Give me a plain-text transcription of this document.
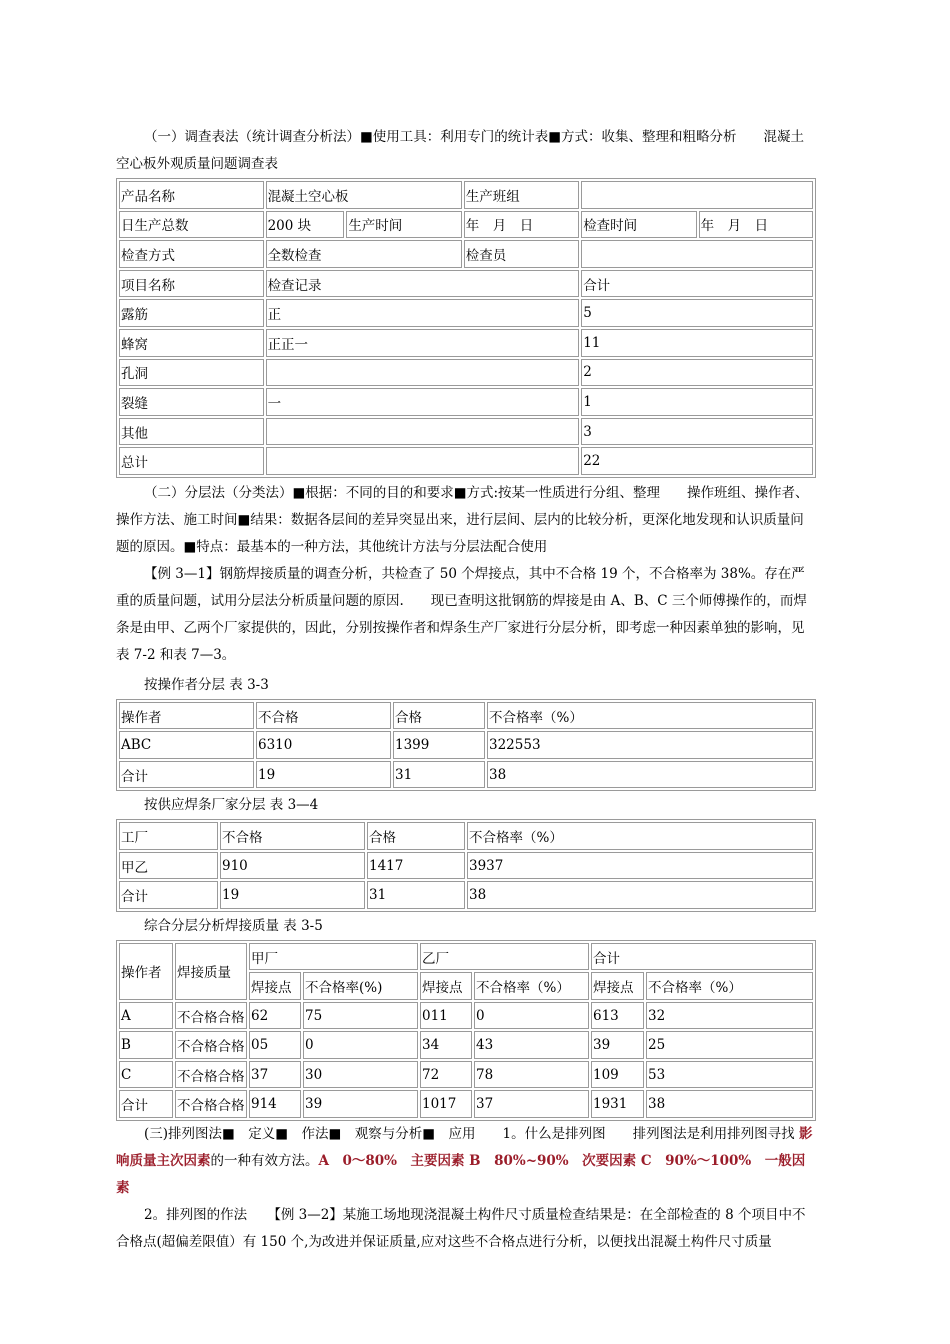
（一）调查表法（统计调查分析法）■使用工具：利用专门的统计表■方式：收集、整理和粗略分析　　混凝土空心板外观质量问题调查表

产品名称	混凝土空心板		生产班组		
日生产总数	200 块	生产时间	年　月　日	检查时间	年　月　日
检查方式	全数检查		检查员		
项目名称	检查记录			合计	
露筋	正			5	
蜂窝	正正一			11	
孔洞				2	
裂缝	一			1	
其他				3	
总计				22	

（二）分层法（分类法）■根据：不同的目的和要求■方式:按某一性质进行分组、整理　　操作班组、操作者、操作方法、施工时间■结果：数据各层间的差异突显出来，进行层间、层内的比较分析，更深化地发现和认识质量问题的原因。■特点：最基本的一种方法，其他统计方法与分层法配合使用

【例 3—1】钢筋焊接质量的调查分析，共检查了 50 个焊接点，其中不合格 19 个，不合格率为 38%。存在严重的质量问题，试用分层法分析质量问题的原因.　　现已查明这批钢筋的焊接是由 A、B、C 三个师傅操作的，而焊条是由甲、乙两个厂家提供的，因此，分别按操作者和焊条生产厂家进行分层分析，即考虑一种因素单独的影响，见表 7-2 和表 7—3。

按操作者分层 表 3-3

操作者	不合格	合格	不合格率（%）
ABC	6310	1399	322553
合计	19	31	38

按供应焊条厂家分层 表 3—4

工厂	不合格	合格	不合格率（%）
甲乙	910	1417	3937
合计	19	31	38

综合分层分析焊接质量 表 3-5

操作者	焊接质量	甲厂		乙厂		合计	
		焊接点	不合格率(%)	焊接点	不合格率（%）	焊接点	不合格率（%）
A	不合格合格	62	75	011	0	613	32
B	不合格合格	05	0	34	43	39	25
C	不合格合格	37	30	72	78	109	53
合计	不合格合格	914	39	1017	37	1931	38

(三)排列图法■　定义■　作法■　观察与分析■　应用　　1。什么是排列图　　排列图法是利用排列图寻找 影响质量主次因素的一种有效方法。A　0～80%　主要因素 B　80%~90%　次要因素 C　90%～100%　一般因素

2。排列图的作法　　【例 3—2】某施工场地现浇混凝土构件尺寸质量检查结果是：在全部检查的 8 个项目中不合格点(超偏差限值）有 150 个,为改进并保证质量,应对这些不合格点进行分析，以便找出混凝土构件尺寸质量
